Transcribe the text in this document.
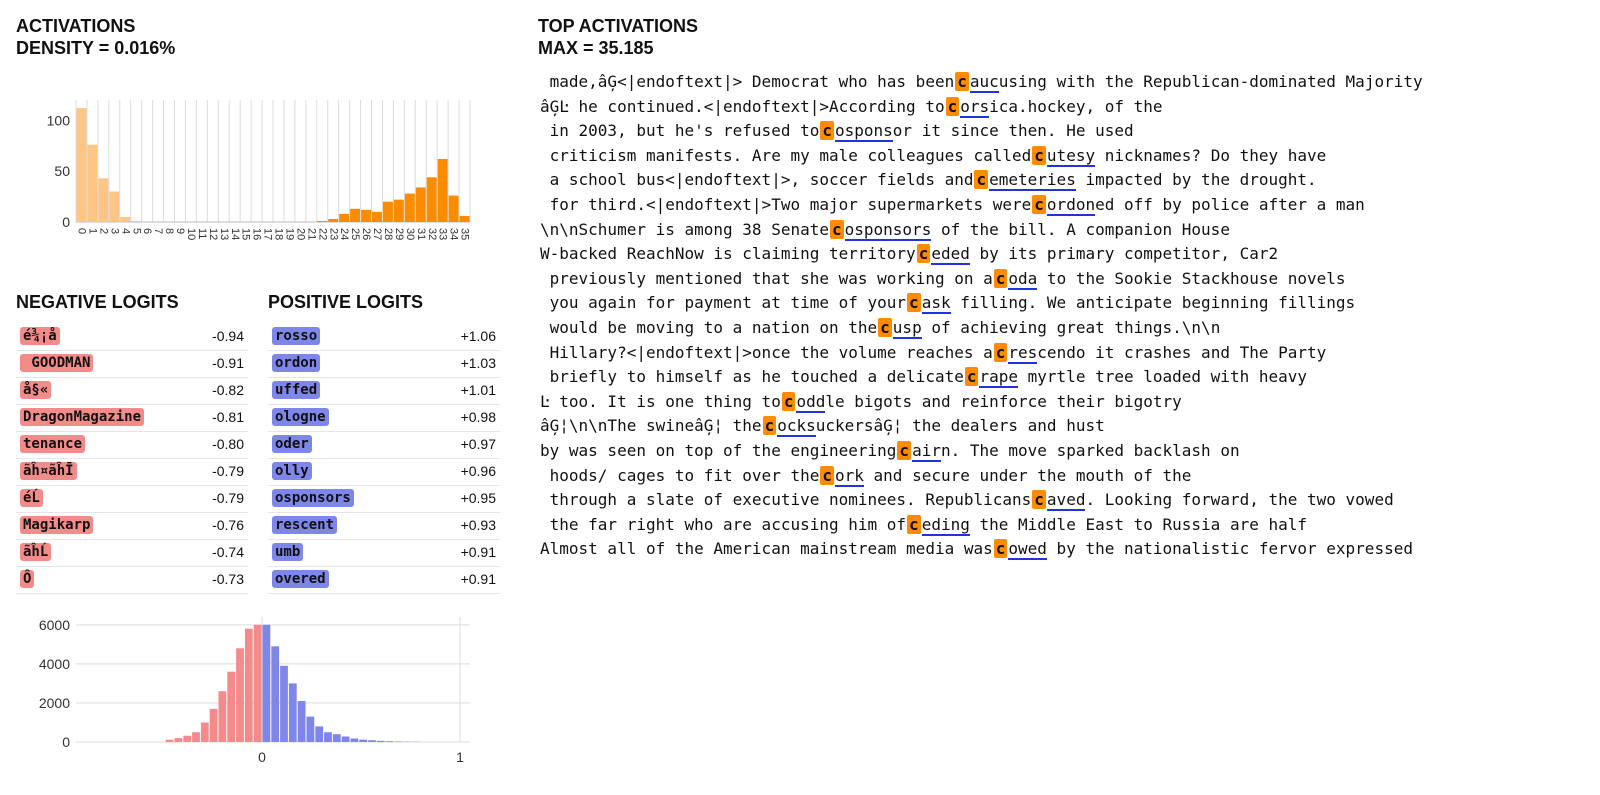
ACTIVATIONS
DENSITY = 0.016%
0
50
100
0
1
2
3
4
5
6
7
8
9
10
11
12
13
14
15
16
17
18
19
20
21
22
23
24
25
26
27
28
29
30
31
32
33
34
35
NEGATIVE LOGITS
é¾¡å	-0.94
GOODMAN	-0.91
å§«	-0.82
DragonMagazine	-0.81
tenance	-0.80
ãĥ¤ãĥĪ	-0.79
éĹ	-0.79
Magikarp	-0.76
ãĥĹ	-0.74
Ô	-0.73
POSITIVE LOGITS
rosso	+1.06
ordon	+1.03
uffed	+1.01
ologne	+0.98
oder	+0.97
olly	+0.96
osponsors	+0.95
rescent	+0.93
umb	+0.91
overed	+0.91
0
2000
4000
6000
0	1
TOP ACTIVATIONS
MAX = 35.185
made,âĢ<|endoftext|> Democrat who has been c aucusing with the Republican-dominated Majority
âĢĿ he continued.<|endoftext|>According to c orsica.hockey, of the
in 2003, but he's refused to c osponsor it since then. He used
criticism manifests. Are my male colleagues called c utesy nicknames? Do they have
a school bus<|endoftext|>, soccer fields and c emeteries impacted by the drought.
for third.<|endoftext|>Two major supermarkets were c ordoned off by police after a man
\n\nSchumer is among 38 Senate c osponsors of the bill. A companion House
W-backed ReachNow is claiming territory c eded by its primary competitor, Car2
previously mentioned that she was working on a c oda to the Sookie Stackhouse novels
you again for payment at time of your c ask filling. We anticipate beginning fillings
would be moving to a nation on the c usp of achieving great things.\n\n
Hillary?<|endoftext|>once the volume reaches a c rescendo it crashes and The Party
briefly to himself as he touched a delicate c rape myrtle tree loaded with heavy
Ŀ too. It is one thing to c oddle bigots and reinforce their bigotry
âĢ¦\n\nThe swineâĢ¦ the c ocksuckersâĢ¦ the dealers and hust
by was seen on top of the engineering c airn. The move sparked backlash on
hoods/ cages to fit over the c ork and secure under the mouth of the
through a slate of executive nominees. Republicans c aved. Looking forward, the two vowed
the far right who are accusing him of c eding the Middle East to Russia are half
Almost all of the American mainstream media was c owed by the nationalistic fervor expressed
